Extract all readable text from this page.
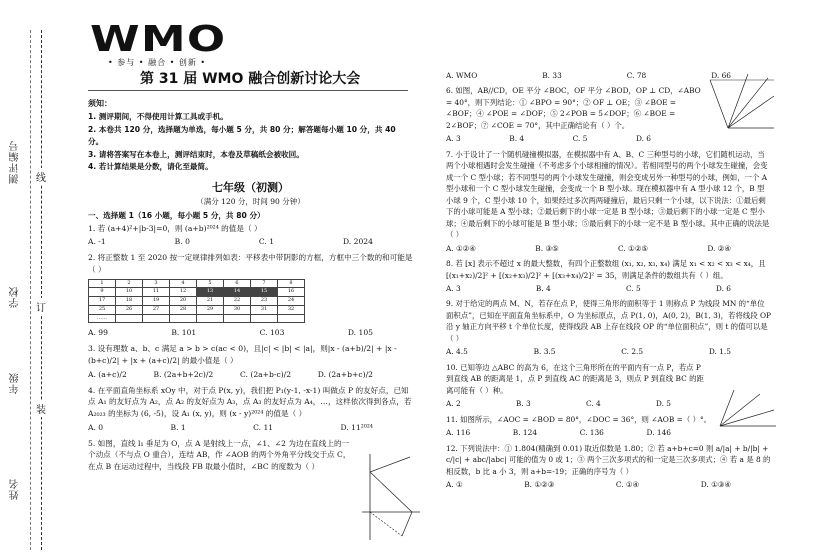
线
订
装
测评编号
学校
年级
姓名
WMO
• 参与 • 融合 • 创新 •
第 31 届 WMO 融合创新讨论大会
须知：
1. 测评期间，不得使用计算工具或手机。
2. 本卷共 120 分，选择题为单选，每小题 5 分，共 80 分；解答题每小题 10 分，共 40 分。
3. 请将答案写在本卷上，测评结束时，本卷及草稿纸会被收回。
4. 若计算结果是分数，请化至最简。
七年级（初测）
（满分 120 分，时间 90 分钟）
一、选择题 1（16 小题，每小题 5 分，共 80 分）
1. 若 (a+4)²+|b-3|=0，则 (a+b)²⁰²⁴ 的值是（ ）
A. -1	B. 0	C. 1	D. 2024
2. 将正整数 1 至 2020 按一定规律排列如表：平移表中带阴影的方框，方框中三个数的和可能是（ ）
1	2	3	4	5	6	7	8
9	10	11	12	13	14	15	16
17	18	19	20	21	22	23	24
25	26	27	28	29	30	31	32
……							
A. 99	B. 101	C. 103	D. 105
3. 设有理数 a、b、c 满足 a > b > c(ac < 0)，且|c| < |b| < |a|，则|x - (a+b)/2| + |x - (b+c)/2| + |x + (a+c)/2| 的最小值是（ ）
A. (a+c)/2	B. (2a+b+2c)/2	C. (2a+b-c)/2	D. (2a+b+c)/2
4. 在平面直角坐标系 xOy 中，对于点 P(x, y)，我们把 P₁(y-1, -x-1) 叫做点 P 的友好点，已知点 A₁ 的友好点为 A₂，点 A₂ 的友好点为 A₃，点 A₃ 的友好点为 A₄，…，这样依次得到各点，若 A₂₀₂₃ 的坐标为 (6, -5)，设 A₁ (x, y)，则 (x - y)²⁰²⁴ 的值是（ ）
A. 0	B. 1	C. 11	D. 11²⁰²⁴
5. 如图，直线 l₁ 垂足为 O，点 A 是射线上一点，∠1、∠2 为边在直线上的一个动点（不与点 O 重合），连结 AB，作 ∠AOB 的两个外角平分线交于点 C，在点 B 在运动过程中，当线段 FB 取最小值时，∠BC 的度数为（ ）
A. WMO	B. 33	C. 78	D. 66
6. 如图，AB//CD，OE 平分 ∠BOC，OF 平分 ∠BOD，OP ⊥ CD，∠ABO = 40°，则下列结论：① ∠BPO = 90°；② OF ⊥ OE；③ ∠BOE = ∠BOF；④ ∠POE = ∠DOF；⑤ 2∠POB = 5∠DOF；⑥ ∠BOE = 2∠BOF；⑦ ∠COE = 70°，其中正确结论有（ ）个。
A. 3	B. 4	C. 5	D. 6
7. 小于设计了一个随机碰撞模拟器，在模拟器中有 A、B、C 三种型号的小球，它们随机运动，当两个小球相遇时会发生碰撞（不考虑多个小球相撞的情况）。若相同型号的两个小球发生碰撞，会变成一个 C 型小球；若不同型号的两个小球发生碰撞，则会变成另外一种型号的小球，例如，一个 A 型小球和一个 C 型小球发生碰撞，会变成一个 B 型小球。现在模拟器中有 A 型小球 12 个，B 型小球 9 个，C 型小球 10 个，如果经过多次两两碰撞后，最后只剩一个小球，以下说法：①最后剩下的小球可能是 A 型小球；②最后剩下的小球一定是 B 型小球；③最后剩下的小球一定是 C 型小球；④最后剩下的小球可能是 B 型小球；⑤最后剩下的小球一定不是 B 型小球。其中正确的说法是（ ）
A. ①②④	B. ③⑤	C. ①②⑤	D. ②④
8. 若 [x] 表示不超过 x 的最大整数，有四个正整数组 (x₁, x₂, x₃, x₄) 满足 x₁ < x₂ < x₃ < x₄，且 [(x₁+x₂)/2]² + [(x₂+x₃)/2]² + [(x₃+x₄)/2]² = 35，则满足条件的数组共有（ ）组。
A. 3	B. 4	C. 5	D. 6
9. 对于给定的两点 M、N，若存在点 P，使得三角形的面积等于 1 则称点 P 为线段 MN 的“单位面积点”，已知在平面直角坐标系中，O 为坐标原点，点 P(1, 0)，A(0, 2)，B(1, 3)，若将线段 OP 沿 y 轴正方向平移 t 个单位长度，使得线段 AB 上存在线段 OP 的“单位面积点”，则 t 的值可以是（ ）
A. 4.5	B. 3.5	C. 2.5	D. 1.5
10. 已知等边 △ABC 的高为 6，在这个三角形所在的平面内有一点 P，若点 P 到直线 AB 的距离是 1，点 P 到直线 AC 的距离是 3，则点 P 到直线 BC 的距离可能有（ ）种。
A. 2	B. 3	C. 4	D. 5
11. 如图所示，∠AOC = ∠BOD = 80°，∠DOC = 36°，则 ∠AOB =（ ）°。
A. 116	B. 124	C. 136	D. 146
12. 下列说法中：① 1.804(精确到 0.01) 取近似数是 1.80；② 若 a+b+c=0 则 a/|a| + b/|b| + c/|c| + abc/|abc| 可能的值为 0 或 1；③ 两个三次多项式的和一定是三次多项式；④ 若 a 是 8 的相反数，b 比 a 小 3，则 a+b=-19；正确的序号为（ ）
A. ①	B. ①②③	C. ①④	D. ①③④
